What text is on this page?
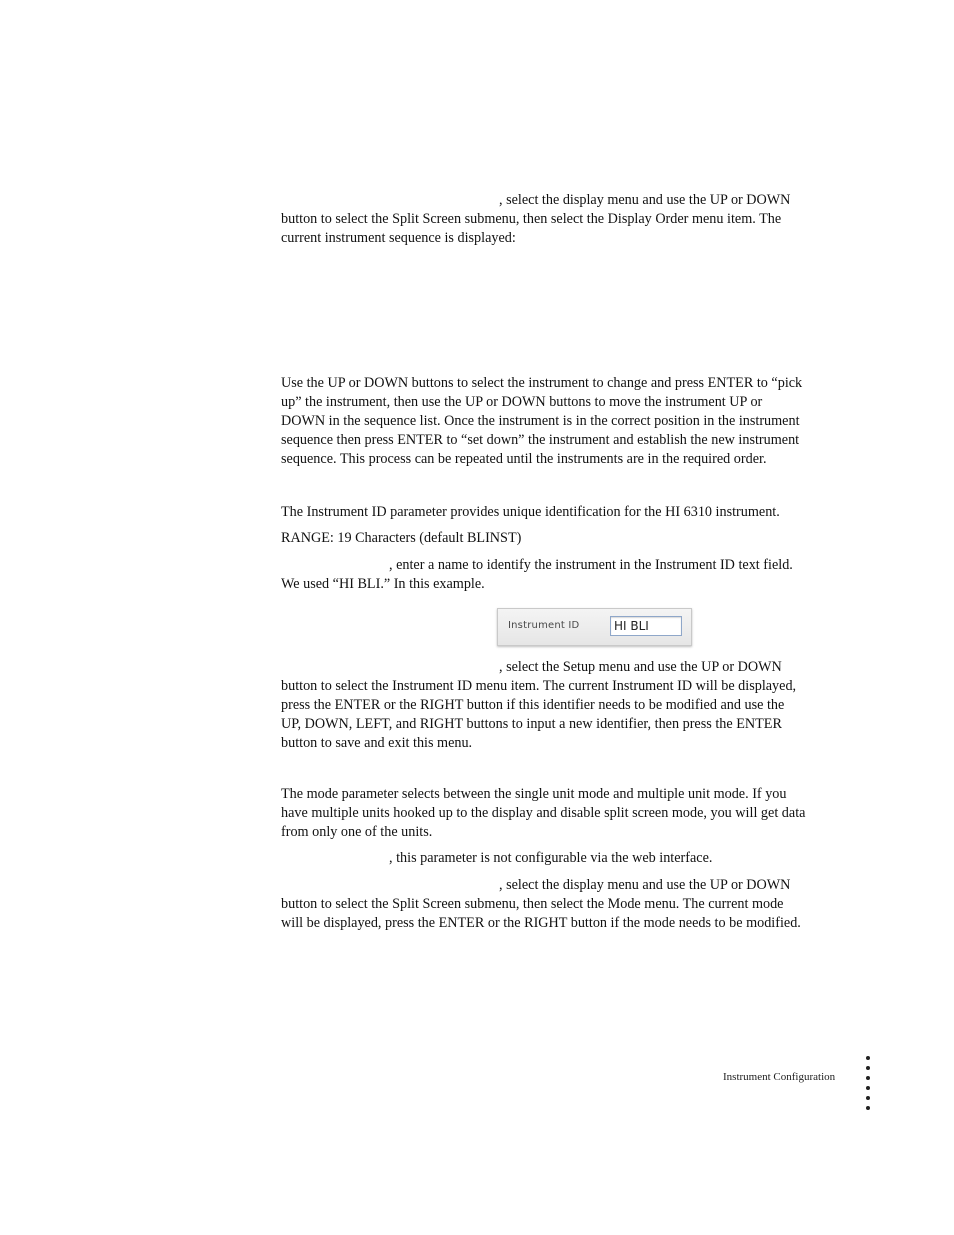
, select the display menu and use the UP or DOWN
button to select the Split Screen submenu, then select the Display Order menu item. The
current instrument sequence is displayed:
Use the UP or DOWN buttons to select the instrument to change and press ENTER to “pick
up” the instrument, then use the UP or DOWN buttons to move the instrument UP or
DOWN in the sequence list. Once the instrument is in the correct position in the instrument
sequence then press ENTER to “set down” the instrument and establish the new instrument
sequence. This process can be repeated until the instruments are in the required order.
The Instrument ID parameter provides unique identification for the HI 6310 instrument.
RANGE: 19 Characters (default BLINST)
, enter a name to identify the instrument in the Instrument ID text field.
We used “HI BLI.” In this example.
Instrument ID	HI BLI
, select the Setup menu and use the UP or DOWN
button to select the Instrument ID menu item. The current Instrument ID will be displayed,
press the ENTER or the RIGHT button if this identifier needs to be modified and use the
UP, DOWN, LEFT, and RIGHT buttons to input a new identifier, then press the ENTER
button to save and exit this menu.
The mode parameter selects between the single unit mode and multiple unit mode. If you
have multiple units hooked up to the display and disable split screen mode, you will get data
from only one of the units.
, this parameter is not configurable via the web interface.
, select the display menu and use the UP or DOWN
button to select the Split Screen submenu, then select the Mode menu. The current mode
will be displayed, press the ENTER or the RIGHT button if the mode needs to be modified.
Instrument Configuration
